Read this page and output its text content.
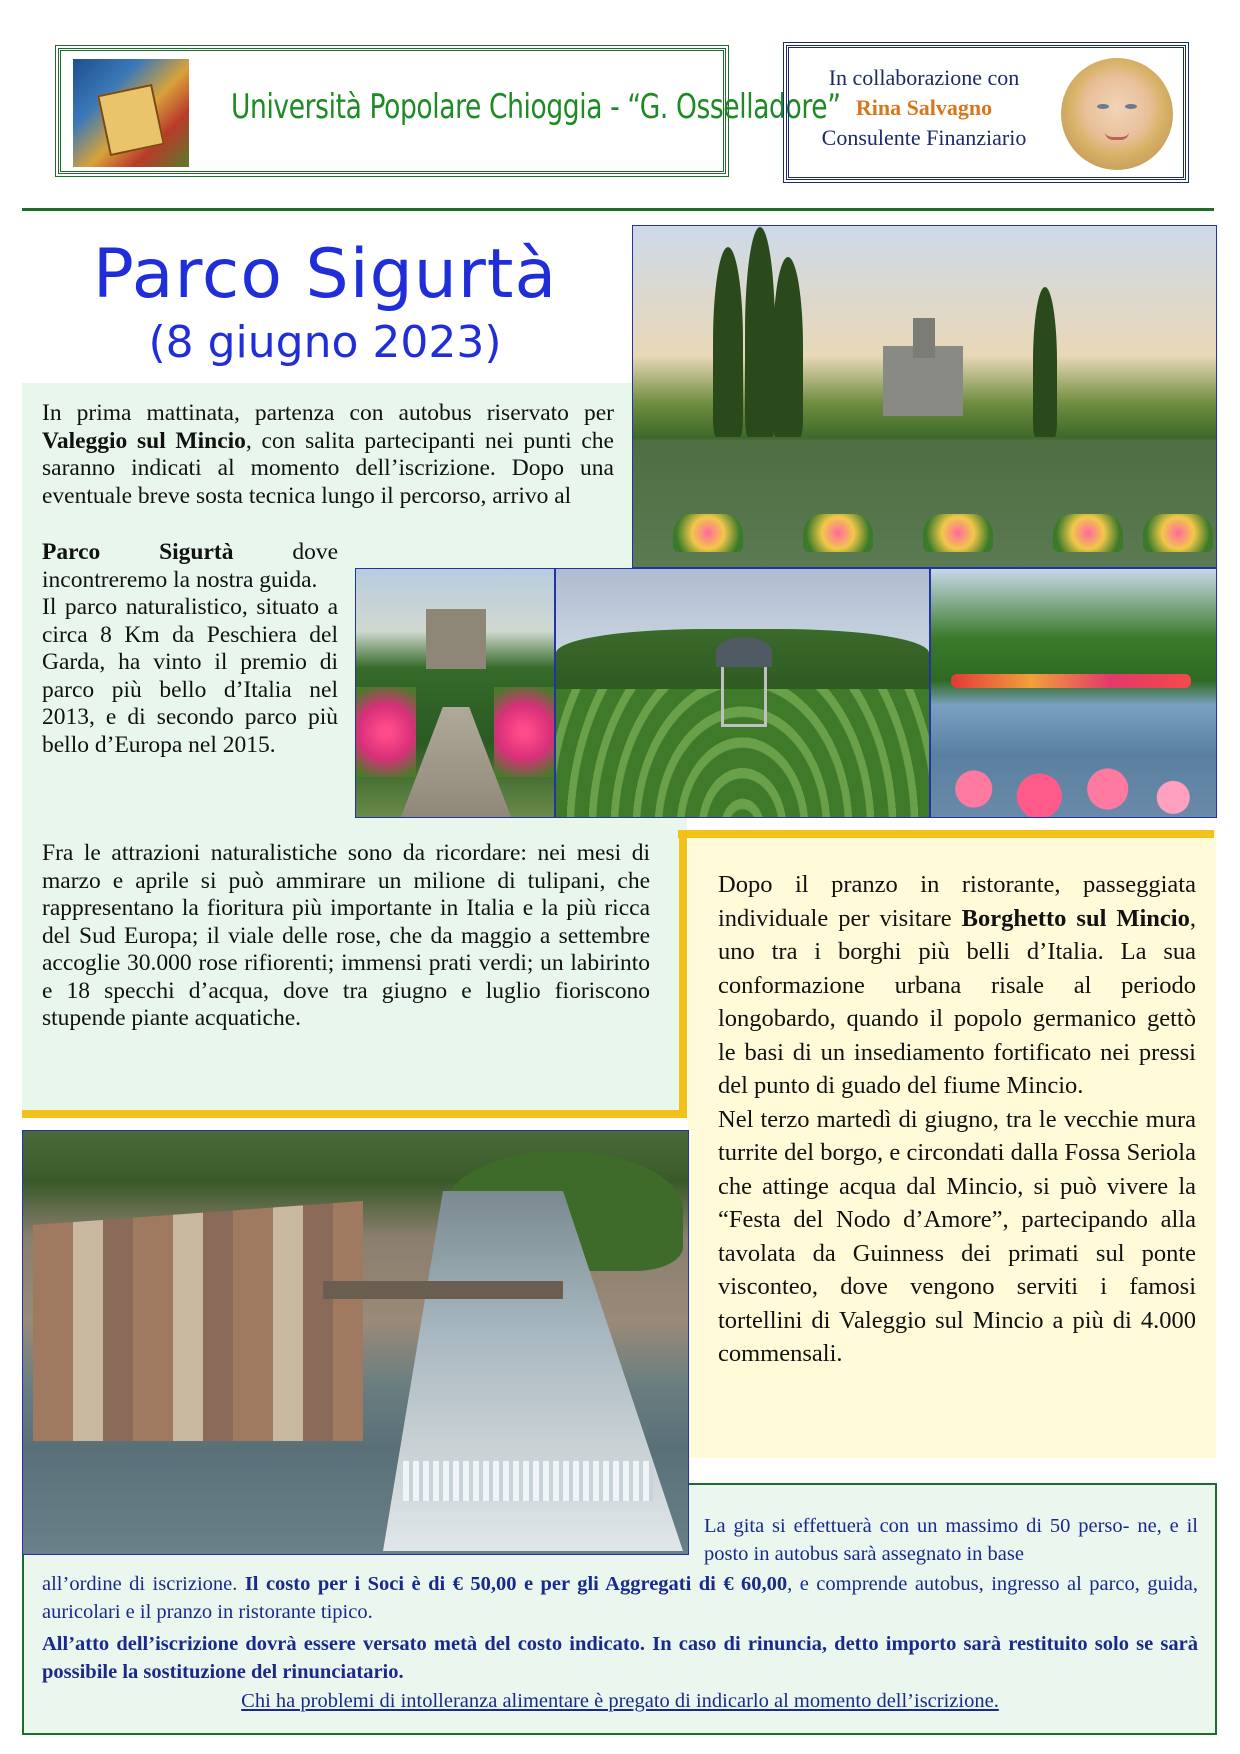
Università Popolare Chioggia - “G. Osselladore”
In collaborazione con
Rina Salvagno
Consulente Finanziario
Parco Sigurtà
(8 giugno 2023)
In prima mattinata, partenza con autobus riservato per Valeggio sul Mincio, con salita partecipanti nei punti che saranno indicati al momento dell’iscrizione. Dopo una eventuale breve sosta tecnica lungo il percorso, arrivo al
Parco Sigurtà dove incontreremo la nostra guida.
Il parco naturalistico, situato a circa 8 Km da Peschiera del Garda, ha vinto il premio di parco più bello d’Italia nel 2013, e di secondo parco più bello d’Europa nel 2015.
Fra le attrazioni naturalistiche sono da ricordare: nei mesi di marzo e aprile si può ammirare un milione di tulipani, che rappresentano la fioritura più importante in Italia e la più ricca del Sud Europa; il viale delle rose, che da maggio a settembre accoglie 30.000 rose rifiorenti; immensi prati verdi; un labirinto e 18 specchi d’acqua, dove tra giugno e luglio fioriscono stupende piante acquatiche.
Dopo il pranzo in ristorante, passeggiata individuale per visitare Borghetto sul Mincio, uno tra i borghi più belli d’Italia. La sua conformazione urbana risale al periodo longobardo, quando il popolo germanico gettò le basi di un insediamento fortificato nei pressi del punto di guado del fiume Mincio.
Nel terzo martedì di giugno, tra le vecchie mura turrite del borgo, e circondati dalla Fossa Seriola che attinge acqua dal Mincio, si può vivere la “Festa del Nodo d’Amore”, partecipando alla tavolata da Guinness dei primati sul ponte visconteo, dove vengono serviti i famosi tortellini di Valeggio sul Mincio a più di 4.000 commensali.
La gita si effettuerà con un massimo di 50 perso- ne, e il posto in autobus sarà assegnato in base
all’ordine di iscrizione. Il costo per i Soci è di € 50,00 e per gli Aggregati di € 60,00, e comprende autobus, ingresso al parco, guida, auricolari e il pranzo in ristorante tipico.
All’atto dell’iscrizione dovrà essere versato metà del costo indicato. In caso di rinuncia, detto importo sarà restituito solo se sarà possibile la sostituzione del rinunciatario.
Chi ha problemi di intolleranza alimentare è pregato di indicarlo al momento dell’iscrizione.
